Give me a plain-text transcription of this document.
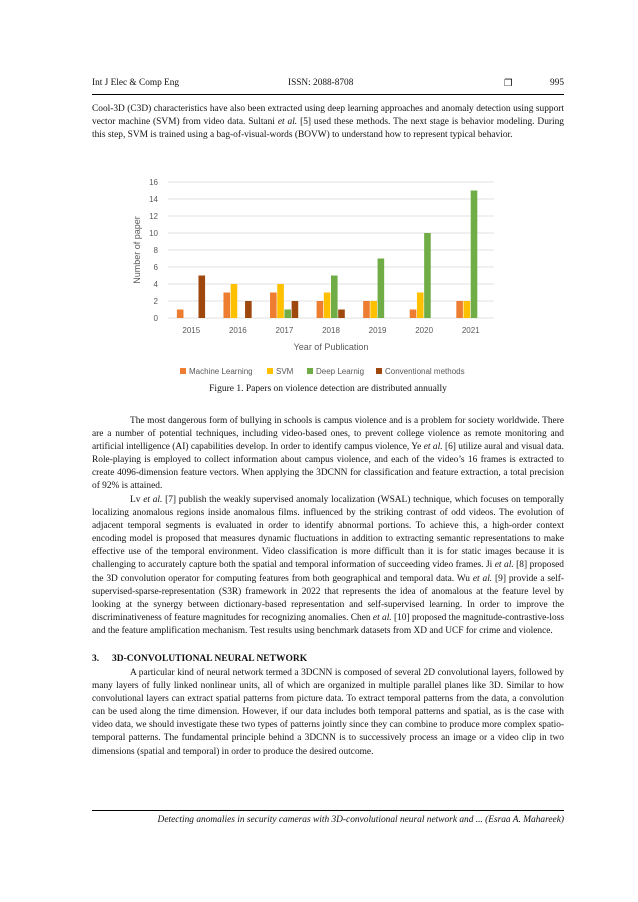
Int J Elec & Comp Eng	ISSN: 2088-8708	❒	995

Cool-3D (C3D) characteristics have also been extracted using deep learning approaches and anomaly detection using support vector machine (SVM) from video data. Sultani et al. [5] used these methods. The next stage is behavior modeling. During this step, SVM is trained using a bag-of-visual-words (BOVW) to understand how to represent typical behavior.

0
2
4
6
8
10
12
14
16
Number of paper
2015	2016	2017	2018	2019	2020	2021
Year of Publication
Machine Learning	SVM	Deep Learnig	Conventional methods
Figure 1. Papers on violence detection are distributed annually

The most dangerous form of bullying in schools is campus violence and is a problem for society worldwide. There are a number of potential techniques, including video-based ones, to prevent college violence as remote monitoring and artificial intelligence (AI) capabilities develop. In order to identify campus violence, Ye et al. [6] utilize aural and visual data. Role-playing is employed to collect information about campus violence, and each of the video’s 16 frames is extracted to create 4096-dimension feature vectors. When applying the 3DCNN for classification and feature extraction, a total precision of 92% is attained.

Lv et al. [7] publish the weakly supervised anomaly localization (WSAL) technique, which focuses on temporally localizing anomalous regions inside anomalous films. influenced by the striking contrast of odd videos. The evolution of adjacent temporal segments is evaluated in order to identify abnormal portions. To achieve this, a high-order context encoding model is proposed that measures dynamic fluctuations in addition to extracting semantic representations to make effective use of the temporal environment. Video classification is more difficult than it is for static images because it is challenging to accurately capture both the spatial and temporal information of succeeding video frames. Ji et al. [8] proposed the 3D convolution operator for computing features from both geographical and temporal data. Wu et al. [9] provide a self-supervised-sparse-representation (S3R) framework in 2022 that represents the idea of anomalous at the feature level by looking at the synergy between dictionary-based representation and self-supervised learning. In order to improve the discriminativeness of feature magnitudes for recognizing anomalies. Chen et al. [10] proposed the magnitude-contrastive-loss and the feature amplification mechanism. Test results using benchmark datasets from XD and UCF for crime and violence.

3. 3D-CONVOLUTIONAL NEURAL NETWORK

A particular kind of neural network termed a 3DCNN is composed of several 2D convolutional layers, followed by many layers of fully linked nonlinear units, all of which are organized in multiple parallel planes like 3D. Similar to how convolutional layers can extract spatial patterns from picture data. To extract temporal patterns from the data, a convolution can be used along the time dimension. However, if our data includes both temporal patterns and spatial, as is the case with video data, we should investigate these two types of patterns jointly since they can combine to produce more complex spatio-temporal patterns. The fundamental principle behind a 3DCNN is to successively process an image or a video clip in two dimensions (spatial and temporal) in order to produce the desired outcome.

Detecting anomalies in security cameras with 3D-convolutional neural network and ... (Esraa A. Mahareek)
